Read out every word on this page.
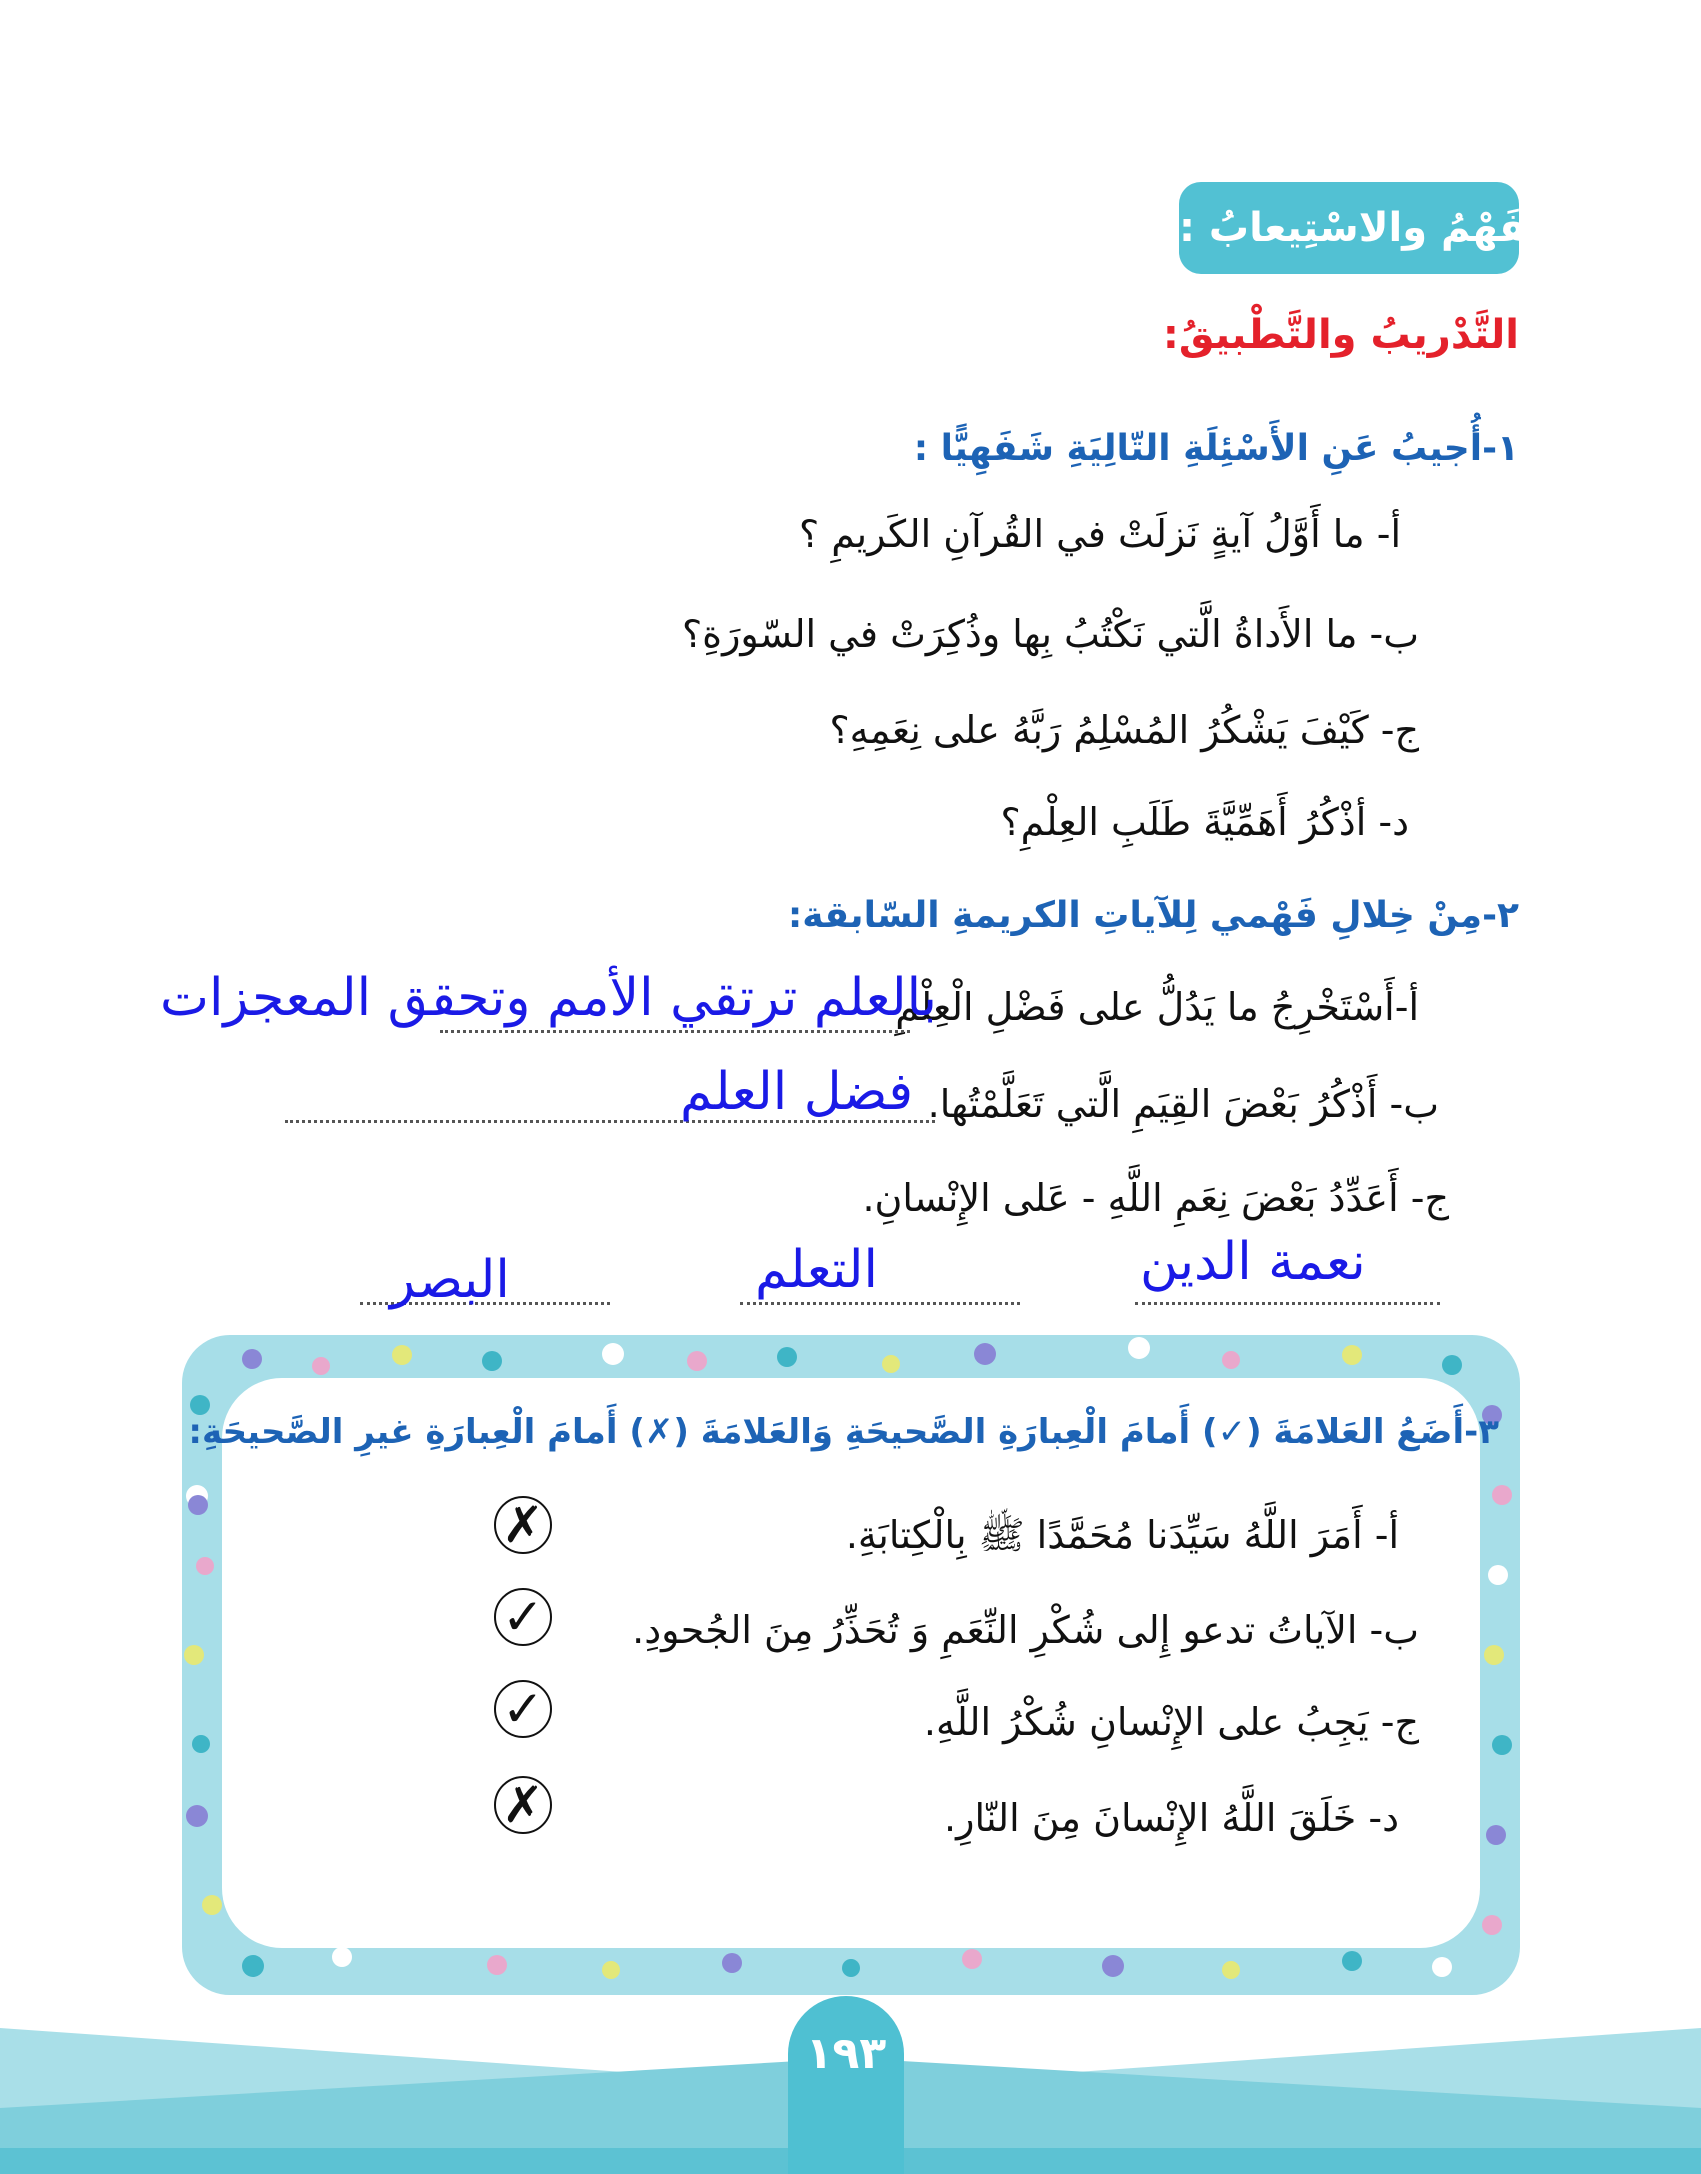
الفَهْمُ والاسْتِيعابُ :
التَّدْريبُ والتَّطْبيقُ:
١-أُجيبُ عَنِ الأَسْئِلَةِ التّالِيَةِ شَفَهِيًّا :
أ- ما أَوَّلُ آيةٍ نَزلَتْ في القُرآنِ الكَريمِ ؟
ب- ما الأَداةُ الَّتي نَكْتُبُ بِها وذُكِرَتْ في السّورَةِ؟
ج- كَيْفَ يَشْكُرُ المُسْلِمُ رَبَّهُ على نِعَمِهِ؟
د- أذْكُرُ أَهَمِّيَّةَ طَلَبِ العِلْمِ؟
٢-مِنْ خِلالِ فَهْمي لِلآياتِ الكريمةِ السّابقة:
أ-أَسْتَخْرِجُ ما يَدُلُّ على فَضْلِ الْعِلْمِ
بالعلم ترتقي الأمم وتحقق المعجزات
ب- أَذْكُرُ بَعْضَ القِيَمِ الَّتي تَعَلَّمْتُها.
فضل العلم
ج- أَعَدِّدُ بَعْضَ نِعَمِ اللَّهِ - عَلى الإِنْسانِ.
نعمة الدين
التعلم
البصر
٣-أَضَعُ العَلامَةَ (✓) أَمامَ الْعِبارَةِ الصَّحيحَةِ وَالعَلامَةَ (✗) أَمامَ الْعِبارَةِ غيرِ الصَّحيحَةِ:
أ- أَمَرَ اللَّهُ سَيِّدَنا مُحَمَّدًا ﷺ بِالْكِتابَةِ.
ب- الآياتُ تدعو إِلى شُكْرِ النِّعَمِ وَ تُحَذِّرُ مِنَ الجُحودِ.
ج- يَجِبُ على الإِنْسانِ شُكْرُ اللَّهِ.
د- خَلَقَ اللَّهُ الإِنْسانَ مِنَ النّارِ.
✗
✓
✓
✗
١٩٣
